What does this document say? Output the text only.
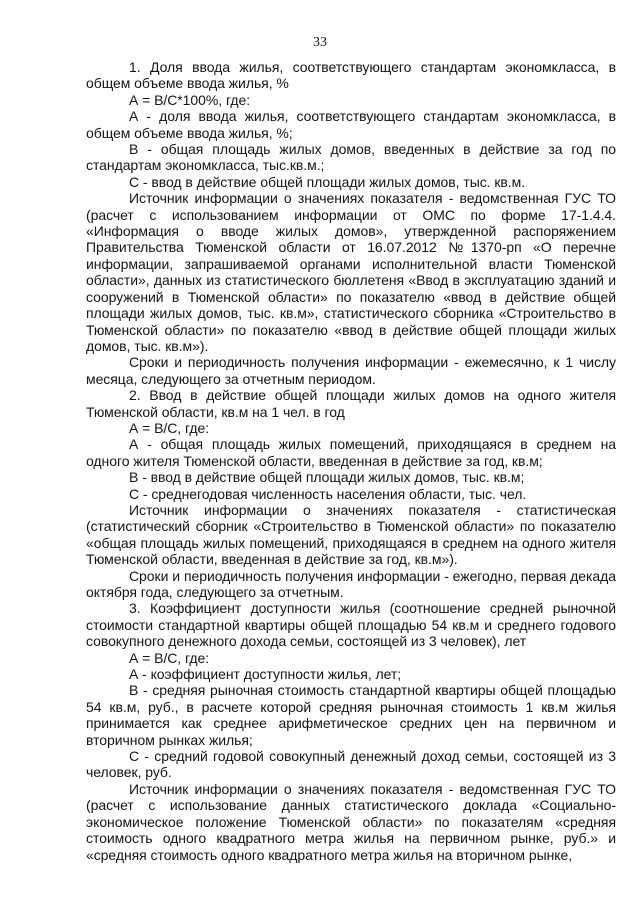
33

1. Доля ввода жилья, соответствующего стандартам экономкласса, в общем объеме ввода жилья, %

А = В/С*100%, где:

А - доля ввода жилья, соответствующего стандартам экономкласса, в общем объеме ввода жилья, %;

В - общая площадь жилых домов, введенных в действие за год по стандартам экономкласса, тыс.кв.м.;

С - ввод в действие общей площади жилых домов, тыс. кв.м.

Источник информации о значениях показателя - ведомственная ГУС ТО (расчет с использованием информации от ОМС по форме 17-1.4.4. «Информация о вводе жилых домов», утвержденной распоряжением Правительства Тюменской области от 16.07.2012 №1370-рп «О перечне информации, запрашиваемой органами исполнительной власти Тюменской области», данных из статистического бюллетеня «Ввод в эксплуатацию зданий и сооружений в Тюменской области» по показателю «ввод в действие общей площади жилых домов, тыс. кв.м», статистического сборника «Строительство в Тюменской области» по показателю «ввод в действие общей площади жилых домов, тыс. кв.м»).

Сроки и периодичность получения информации - ежемесячно, к 1 числу месяца, следующего за отчетным периодом.

2. Ввод в действие общей площади жилых домов на одного жителя Тюменской области, кв.м на 1 чел. в год

А = В/С, где:

А - общая площадь жилых помещений, приходящаяся в среднем на одного жителя Тюменской области, введенная в действие за год, кв.м;

В - ввод в действие общей площади жилых домов, тыс. кв.м;

С - среднегодовая численность населения области, тыс. чел.

Источник информации о значениях показателя - статистическая (статистический сборник «Строительство в Тюменской области» по показателю «общая площадь жилых помещений, приходящаяся в среднем на одного жителя Тюменской области, введенная в действие за год, кв.м»).

Сроки и периодичность получения информации - ежегодно, первая декада октября года, следующего за отчетным.

3. Коэффициент доступности жилья (соотношение средней рыночной стоимости стандартной квартиры общей площадью 54 кв.м и среднего годового совокупного денежного дохода семьи, состоящей из 3 человек), лет

А = В/С, где:

А - коэффициент доступности жилья, лет;

В - средняя рыночная стоимость стандартной квартиры общей площадью 54 кв.м, руб., в расчете которой средняя рыночная стоимость 1 кв.м жилья принимается как среднее арифметическое средних цен на первичном и вторичном рынках жилья;

С - средний годовой совокупный денежный доход семьи, состоящей из 3 человек, руб.

Источник информации о значениях показателя - ведомственная ГУС ТО (расчет с использование данных статистического доклада «Социально-экономическое положение Тюменской области» по показателям «средняя стоимость одного квадратного метра жилья на первичном рынке, руб.» и «средняя стоимость одного квадратного метра жилья на вторичном рынке,
